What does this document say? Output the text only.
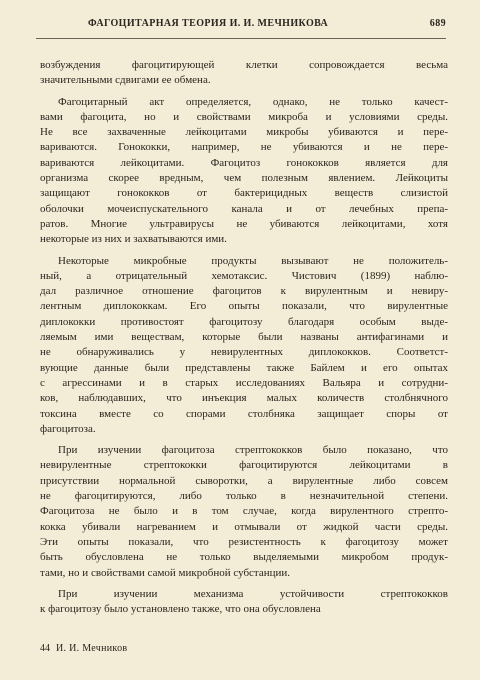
ФАГОЦИТАРНАЯ ТЕОРИЯ И. И. МЕЧНИКОВА	689
возбуждения фагоцитирующей клетки сопровождается весьма
значительными сдвигами ее обмена.
Фагоцитарный акт определяется, однако, не только качест-
вами фагоцита, но и свойствами микроба и условиями среды.
Не все захваченные лейкоцитами микробы убиваются и пере-
вариваются. Гонококки, например, не убиваются и не пере-
вариваются лейкоцитами. Фагоцитоз гонококков является для
организма скорее вредным, чем полезным явлением. Лейкоциты
защищают гонококков от бактерицидных веществ слизистой
оболочки мочеиспускательного канала и от лечебных препа-
ратов. Многие ультравирусы не убиваются лейкоцитами, хотя
некоторые из них и захватываются ими.
Некоторые микробные продукты вызывают не положитель-
ный, а отрицательный хемотаксис. Чистович (1899) наблю-
дал различное отношение фагоцитов к вирулентным и невиру-
лентным диплококкам. Его опыты показали, что вирулентные
диплококки противостоят фагоцитозу благодаря особым выде-
ляемым ими веществам, которые были названы антифагинами и
не обнаруживались у невирулентных диплококков. Соответст-
вующие данные были представлены также Байлем и его опытах
с агрессинами и в старых исследованиях Вальяра и сотрудни-
ков, наблюдавших, что инъекция малых количеств столбнячного
токсина вместе со спорами столбняка защищает споры от
фагоцитоза.
При изучении фагоцитоза стрептококков было показано, что
невирулентные стрептококки фагоцитируются лейкоцитами в
присутствии нормальной сыворотки, а вирулентные либо совсем
не фагоцитируются, либо только в незначительной степени.
Фагоцитоза не было и в том случае, когда вирулентного стрепто-
кокка убивали нагреванием и отмывали от жидкой части среды.
Эти опыты показали, что резистентность к фагоцитозу может
быть обусловлена не только выделяемыми микробом продук-
тами, но и свойствами самой микробной субстанции.
При изучении механизма устойчивости стрептококков
к фагоцитозу было установлено также, что она обусловлена
44 И. И. Мечников
